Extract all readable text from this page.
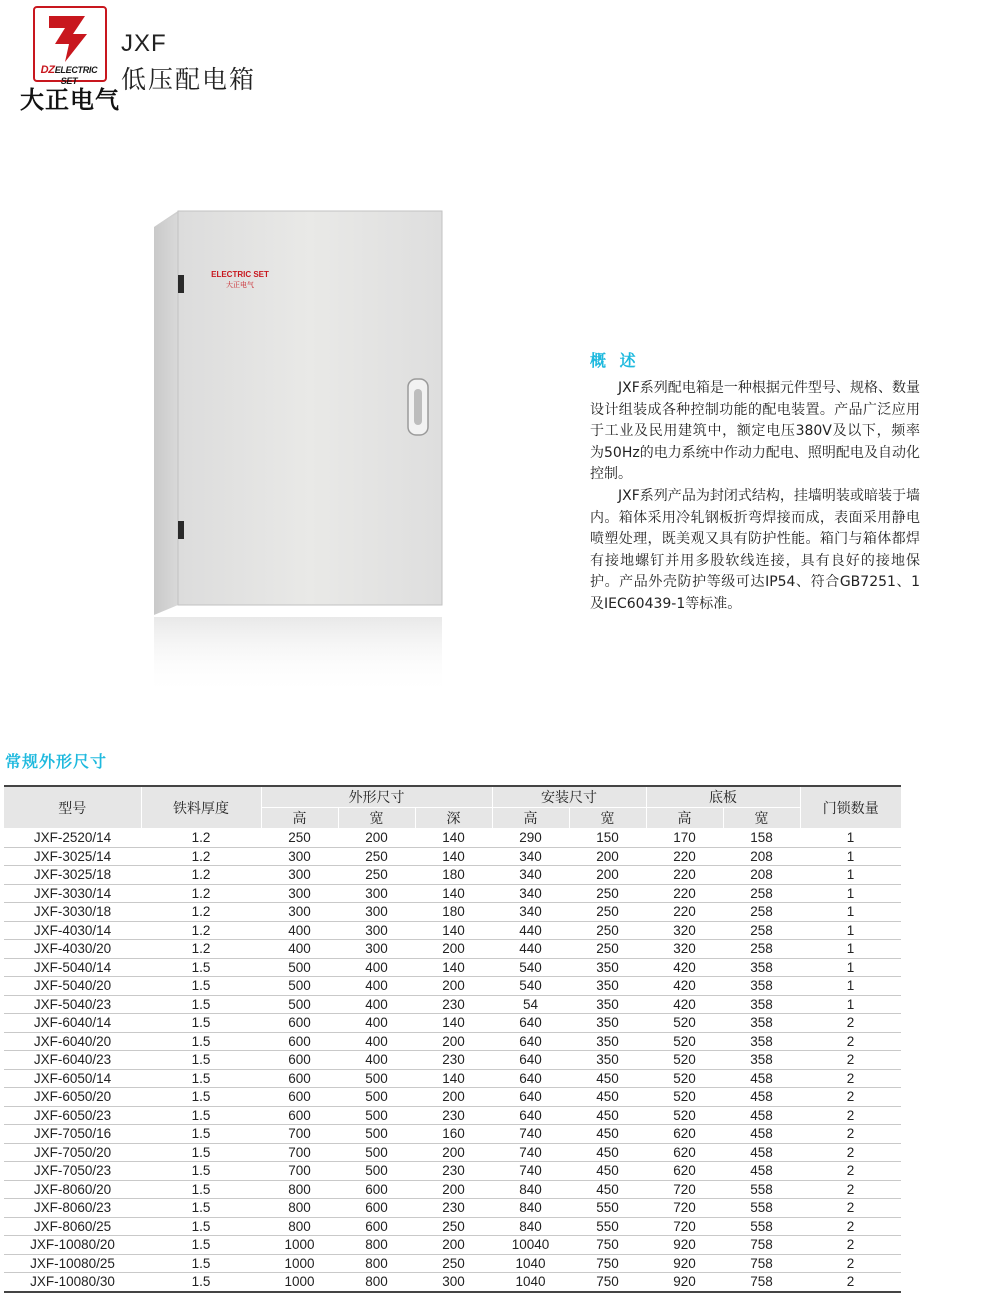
DZELECTRIC SET
大正电气
JXF
低压配电箱
ELECTRIC SET
大正电气
概 述

JXF系列配电箱是一种根据元件型号、规格、数量设计组装成各种控制功能的配电装置。产品广泛应用于工业及民用建筑中，额定电压380V及以下，频率为50Hz的电力系统中作动力配电、照明配电及自动化控制。

JXF系列产品为封闭式结构，挂墙明装或暗装于墙内。箱体采用冷轧钢板折弯焊接而成，表面采用静电喷塑处理，既美观又具有防护性能。箱门与箱体都焊有接地螺钉并用多股软线连接，具有良好的接地保护。产品外壳防护等级可达IP54、符合GB7251、1及IEC60439-1等标准。

常规外形尺寸
型号	铁料厚度	外形尺寸			安装尺寸		底板		门锁数量
		高	宽	深	高	宽	高	宽	
JXF-2520/14	1.2	250	200	140	290	150	170	158	1
JXF-3025/14	1.2	300	250	140	340	200	220	208	1
JXF-3025/18	1.2	300	250	180	340	200	220	208	1
JXF-3030/14	1.2	300	300	140	340	250	220	258	1
JXF-3030/18	1.2	300	300	180	340	250	220	258	1
JXF-4030/14	1.2	400	300	140	440	250	320	258	1
JXF-4030/20	1.2	400	300	200	440	250	320	258	1
JXF-5040/14	1.5	500	400	140	540	350	420	358	1
JXF-5040/20	1.5	500	400	200	540	350	420	358	1
JXF-5040/23	1.5	500	400	230	54	350	420	358	1
JXF-6040/14	1.5	600	400	140	640	350	520	358	2
JXF-6040/20	1.5	600	400	200	640	350	520	358	2
JXF-6040/23	1.5	600	400	230	640	350	520	358	2
JXF-6050/14	1.5	600	500	140	640	450	520	458	2
JXF-6050/20	1.5	600	500	200	640	450	520	458	2
JXF-6050/23	1.5	600	500	230	640	450	520	458	2
JXF-7050/16	1.5	700	500	160	740	450	620	458	2
JXF-7050/20	1.5	700	500	200	740	450	620	458	2
JXF-7050/23	1.5	700	500	230	740	450	620	458	2
JXF-8060/20	1.5	800	600	200	840	450	720	558	2
JXF-8060/23	1.5	800	600	230	840	550	720	558	2
JXF-8060/25	1.5	800	600	250	840	550	720	558	2
JXF-10080/20	1.5	1000	800	200	10040	750	920	758	2
JXF-10080/25	1.5	1000	800	250	1040	750	920	758	2
JXF-10080/30	1.5	1000	800	300	1040	750	920	758	2
